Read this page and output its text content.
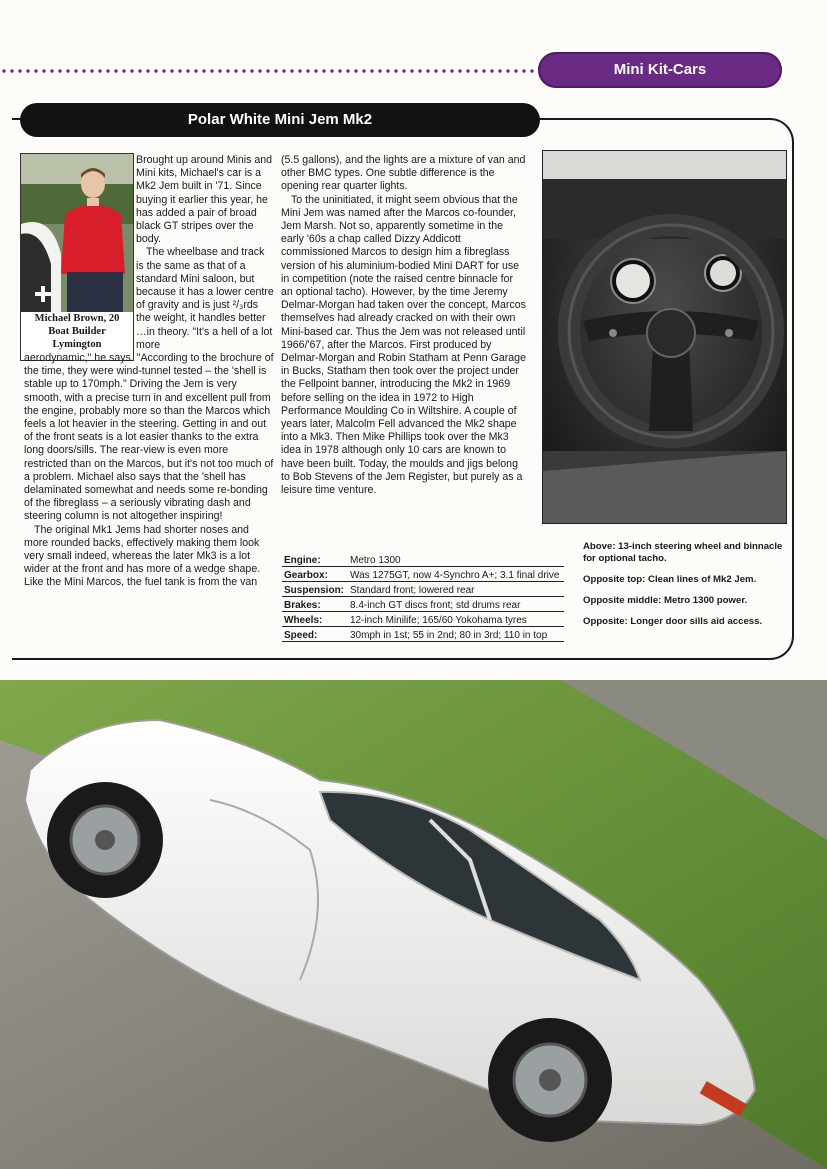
Mini Kit-Cars
Polar White Mini Jem Mk2
Michael Brown, 20
Boat Builder
Lymington

Brought up around Minis and Mini kits, Michael's car is a Mk2 Jem built in '71. Since buying it earlier this year, he has added a pair of broad black GT stripes over the body.

The wheelbase and track is the same as that of a standard Mini saloon, but because it has a lower centre of gravity and is just ²/₃rds the weight, it handles better …in theory. "It's a hell of a lot more

aerodynamic," he says. "According to the brochure of the time, they were wind-tunnel tested – the 'shell is stable up to 170mph." Driving the Jem is very smooth, with a precise turn in and excellent pull from the engine, probably more so than the Marcos which feels a lot heavier in the steering. Getting in and out of the front seats is a lot easier thanks to the extra long doors/sills. The rear-view is even more restricted than on the Marcos, but it's not too much of a problem. Michael also says that the 'shell has delaminated somewhat and needs some re-bonding of the fibreglass – a seriously vibrating dash and steering column is not altogether inspiring!

The original Mk1 Jems had shorter noses and more rounded backs, effectively making them look very small indeed, whereas the later Mk3 is a lot wider at the front and has more of a wedge shape. Like the Mini Marcos, the fuel tank is from the van

(5.5 gallons), and the lights are a mixture of van and other BMC types. One subtle difference is the opening rear quarter lights.

To the uninitiated, it might seem obvious that the Mini Jem was named after the Marcos co-founder, Jem Marsh. Not so, apparently sometime in the early '60s a chap called Dizzy Addicott commissioned Marcos to design him a fibreglass version of his aluminium-bodied Mini DART for use in competition (note the raised centre binnacle for an optional tacho). However, by the time Jeremy Delmar-Morgan had taken over the concept, Marcos themselves had already cracked on with their own Mini-based car. Thus the Jem was not released until 1966/'67, after the Marcos. First produced by Delmar-Morgan and Robin Statham at Penn Garage in Bucks, Statham then took over the project under the Fellpoint banner, introducing the Mk2 in 1969 before selling on the idea in 1972 to High Performance Moulding Co in Wiltshire. A couple of years later, Malcolm Fell advanced the Mk2 shape into a Mk3. Then Mike Phillips took over the Mk3 idea in 1978 although only 10 cars are known to have been built. Today, the moulds and jigs belong to Bob Stevens of the Jem Register, but purely as a leisure time venture.

Engine:	Metro 1300
Gearbox:	Was 1275GT, now 4-Synchro A+; 3.1 final drive
Suspension:	Standard front; lowered rear
Brakes:	8.4-inch GT discs front; std drums rear
Wheels:	12-inch Minilife; 165/60 Yokohama tyres
Speed:	30mph in 1st; 55 in 2nd; 80 in 3rd; 110 in top

Above: 13-inch steering wheel and binnacle for optional tacho.

Opposite top: Clean lines of Mk2 Jem.

Opposite middle: Metro 1300 power.

Opposite: Longer door sills aid access.
